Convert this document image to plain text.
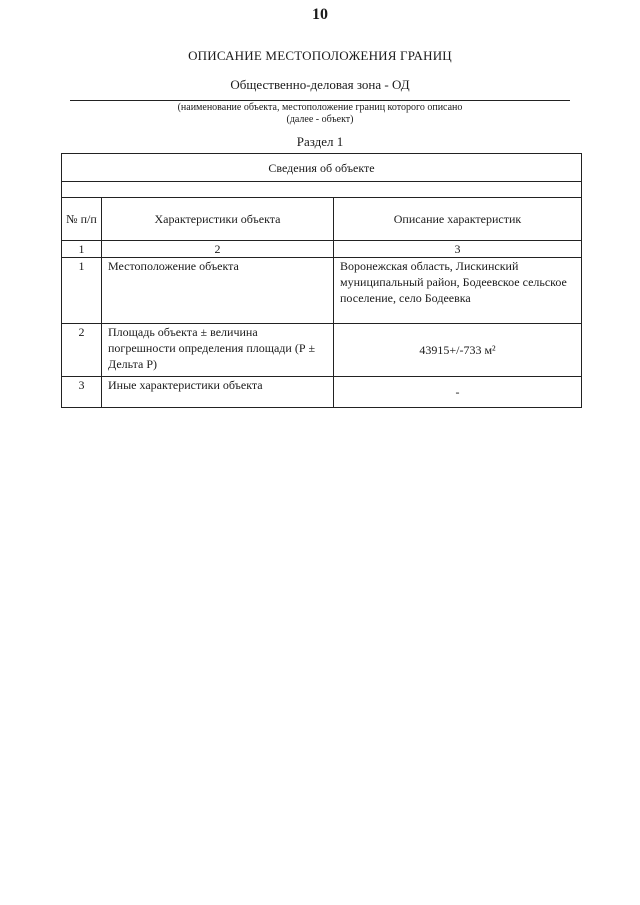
10
ОПИСАНИЕ МЕСТОПОЛОЖЕНИЯ ГРАНИЦ
Общественно-деловая зона - ОД
(наименование объекта, местоположение границ которого описано
(далее - объект)
Раздел 1
Сведения об объекте		

№ п/п	Характеристики объекта	Описание характеристик
1	2	3
1	Местоположение объекта	Воронежская область, Лискинский муниципальный район, Бодеевское сельское поселение, село Бодеевка
2	Площадь объекта ± величина погрешности определения площади (Р ± Дельта Р)	43915+/-733 м²
3	Иные характеристики объекта	-
